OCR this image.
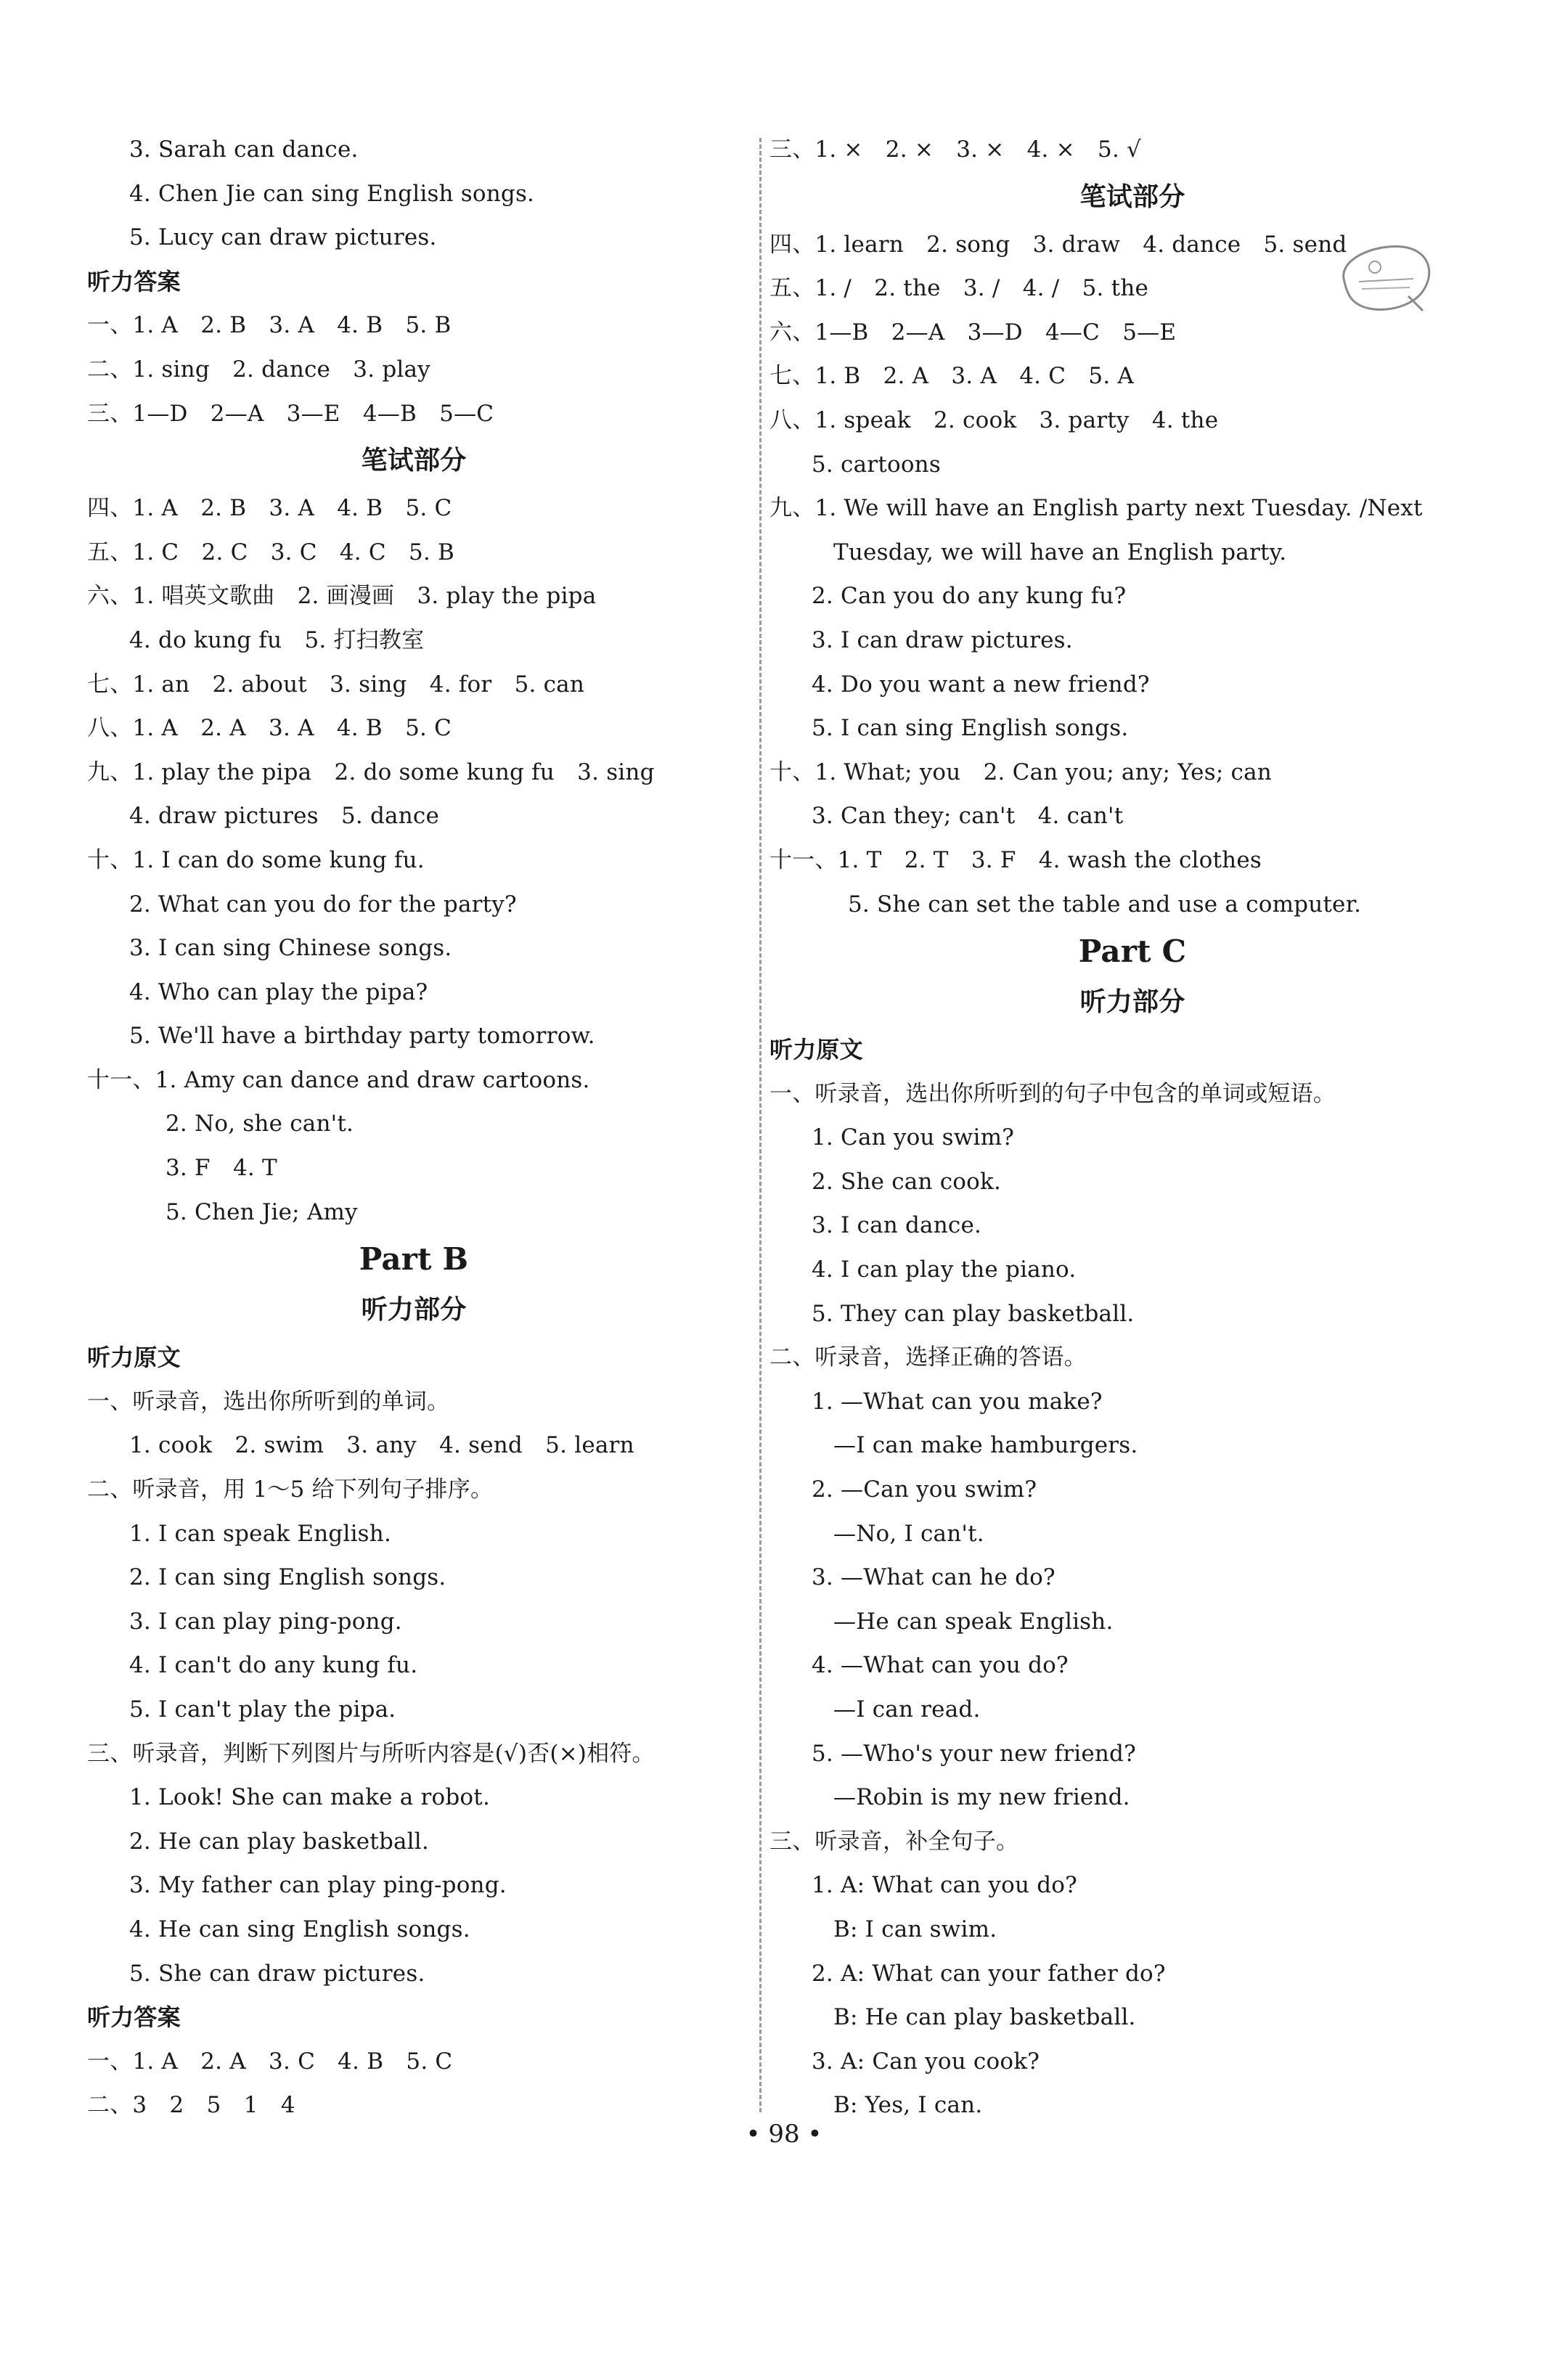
3. Sarah can dance.
4. Chen Jie can sing English songs.
5. Lucy can draw pictures.
听力答案
一、1. A　2. B　3. A　4. B　5. B
二、1. sing　2. dance　3. play
三、1—D　2—A　3—E　4—B　5—C
笔试部分
四、1. A　2. B　3. A　4. B　5. C
五、1. C　2. C　3. C　4. C　5. B
六、1. 唱英文歌曲　2. 画漫画　3. play the pipa
4. do kung fu　5. 打扫教室
七、1. an　2. about　3. sing　4. for　5. can
八、1. A　2. A　3. A　4. B　5. C
九、1. play the pipa　2. do some kung fu　3. sing
4. draw pictures　5. dance
十、1. I can do some kung fu.
2. What can you do for the party?
3. I can sing Chinese songs.
4. Who can play the pipa?
5. We'll have a birthday party tomorrow.
十一、1. Amy can dance and draw cartoons.
2. No, she can't.
3. F　4. T
5. Chen Jie; Amy
Part B
听力部分
听力原文
一、听录音，选出你所听到的单词。
1. cook　2. swim　3. any　4. send　5. learn
二、听录音，用 1～5 给下列句子排序。
1. I can speak English.
2. I can sing English songs.
3. I can play ping-pong.
4. I can't do any kung fu.
5. I can't play the pipa.
三、听录音，判断下列图片与所听内容是(√)否(×)相符。
1. Look! She can make a robot.
2. He can play basketball.
3. My father can play ping-pong.
4. He can sing English songs.
5. She can draw pictures.
听力答案
一、1. A　2. A　3. C　4. B　5. C
二、3　2　5　1　4
三、1. ×　2. ×　3. ×　4. ×　5. √
笔试部分
四、1. learn　2. song　3. draw　4. dance　5. send
五、1. /　2. the　3. /　4. /　5. the
六、1—B　2—A　3—D　4—C　5—E
七、1. B　2. A　3. A　4. C　5. A
八、1. speak　2. cook　3. party　4. the
5. cartoons
九、1. We will have an English party next Tuesday. /Next
Tuesday, we will have an English party.
2. Can you do any kung fu?
3. I can draw pictures.
4. Do you want a new friend?
5. I can sing English songs.
十、1. What; you　2. Can you; any; Yes; can
3. Can they; can't　4. can't
十一、1. T　2. T　3. F　4. wash the clothes
5. She can set the table and use a computer.
Part C
听力部分
听力原文
一、听录音，选出你所听到的句子中包含的单词或短语。
1. Can you swim?
2. She can cook.
3. I can dance.
4. I can play the piano.
5. They can play basketball.
二、听录音，选择正确的答语。
1. —What can you make?
—I can make hamburgers.
2. —Can you swim?
—No, I can't.
3. —What can he do?
—He can speak English.
4. —What can you do?
—I can read.
5. —Who's your new friend?
—Robin is my new friend.
三、听录音，补全句子。
1. A: What can you do?
B: I can swim.
2. A: What can your father do?
B: He can play basketball.
3. A: Can you cook?
B: Yes, I can.
• 98 •
